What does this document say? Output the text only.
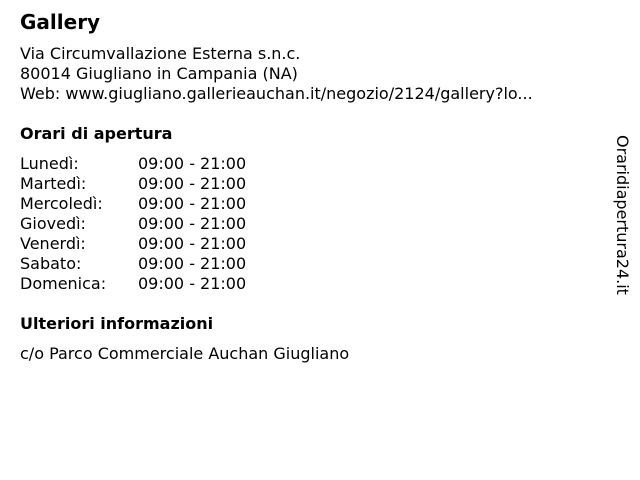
Gallery
Via Circumvallazione Esterna s.n.c.
80014 Giugliano in Campania (NA)
Web: www.giugliano.gallerieauchan.it/negozio/2124/gallery?lo...
Orari di apertura
Lunedì:	09:00 - 21:00
Martedì:	09:00 - 21:00
Mercoledì: 09:00 - 21:00
Giovedì:	09:00 - 21:00
Venerdì:	09:00 - 21:00
Sabato:	09:00 - 21:00
Domenica: 09:00 - 21:00
Ulteriori informazioni
c/o Parco Commerciale Auchan Giugliano
Oraridiapertura24.it
